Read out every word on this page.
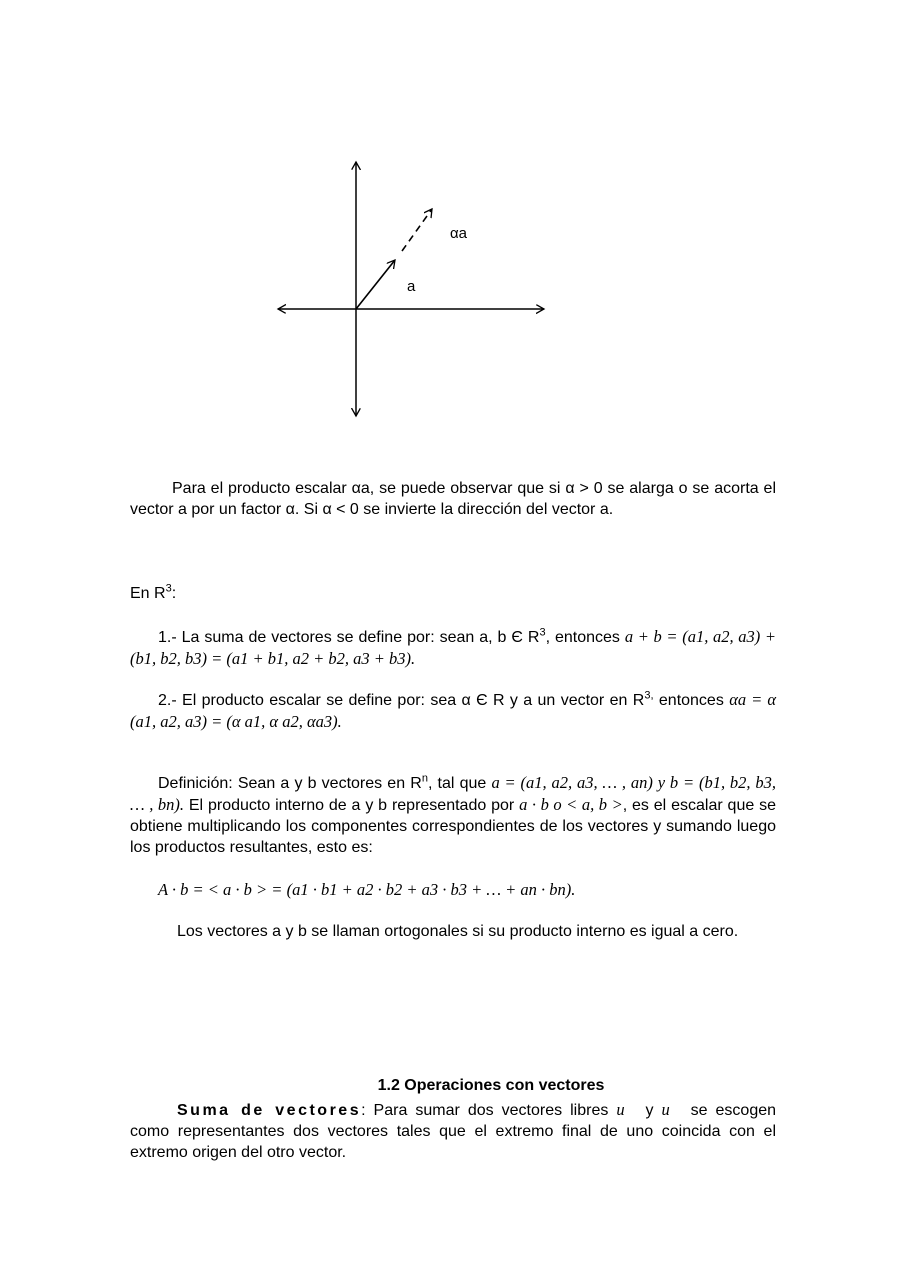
αa
a

Para el producto escalar αa, se puede observar que si α > 0 se alarga o se acorta el vector a por un factor α. Si α < 0 se invierte la dirección del vector a.

En $R^3$:

1.- La suma de vectores se define por: sean a, b Є $R^3$, entonces a + b = (a1, a2, a3) + (b1, b2, b3) = (a1 + b1, a2 + b2, a3 + b3).

2.- El producto escalar se define por: sea α Є R y a un vector en $R^{3,}$ entonces αa = α (a1, a2, a3) = (α a1, α a2, αa3).

Definición: Sean a y b vectores en $R^n$, tal que a = (a1, a2, a3, … , an) y b = (b1, b2, b3, … , bn). El producto interno de a y b representado por a · b o < a, b >, es el escalar que se obtiene multiplicando los componentes correspondientes de los vectores y sumando luego los productos resultantes, esto es:

A · b = < a · b > = (a1 · b1 + a2 · b2 + a3 · b3 + … + an · bn).

Los vectores a y b se llaman ortogonales si su producto interno es igual a cero.

1.2 Operaciones con vectores

Suma de vectores: Para sumar dos vectores libres u⃗ y u⃗ se escogen como representantes dos vectores tales que el extremo final de uno coincida con el extremo origen del otro vector.
